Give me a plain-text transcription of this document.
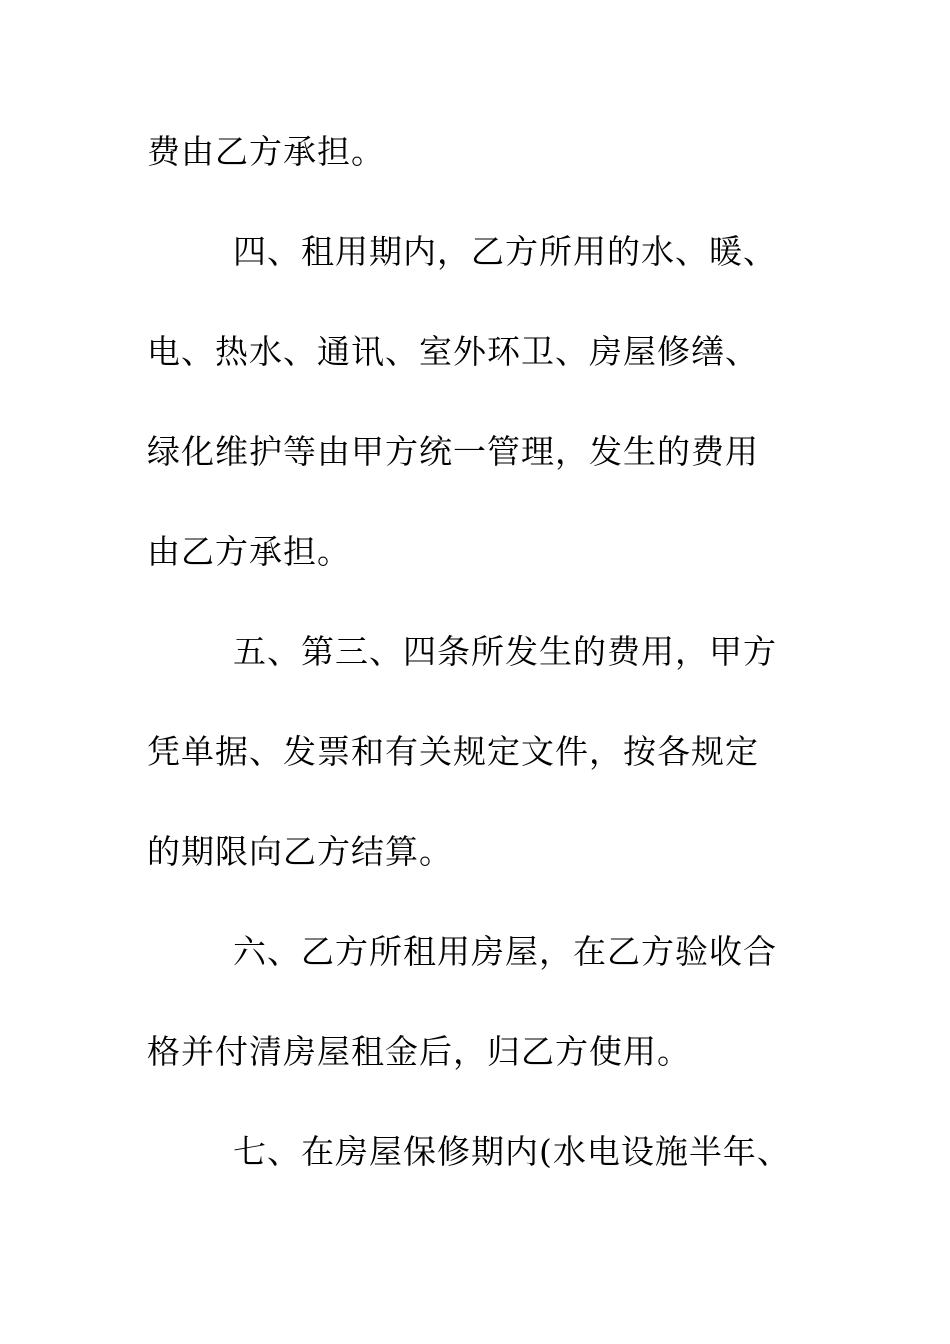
费由乙方承担。
四、租用期内，乙方所用的水、暖、
电、热水、通讯、室外环卫、房屋修缮、
绿化维护等由甲方统一管理，发生的费用
由乙方承担。
五、第三、四条所发生的费用，甲方
凭单据、发票和有关规定文件，按各规定
的期限向乙方结算。
六、乙方所租用房屋，在乙方验收合
格并付清房屋租金后，归乙方使用。
七、在房屋保修期内(水电设施半年、
